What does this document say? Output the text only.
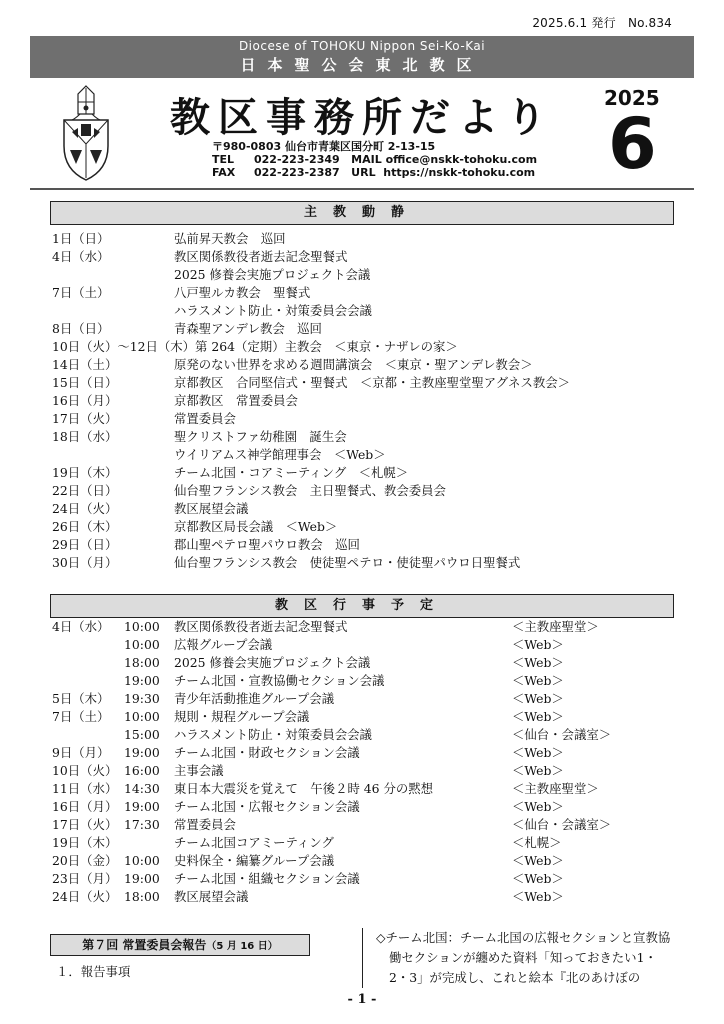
2025.6.1 発行　No.834
Diocese of TOHOKU Nippon Sei-Ko-Kai
日本聖公会東北教区
教区事務所だより
〒980-0803 仙台市青葉区国分町 2-13-15
TEL 022-223-2349 MAIL office@nskk-tohoku.com
FAX 022-223-2387 URL https://nskk-tohoku.com
2025
6
主教動静
1日（日）	弘前昇天教会　巡回
4日（水）	教区関係教役者逝去記念聖餐式
2025 修養会実施プロジェクト会議
7日（土）	八戸聖ルカ教会　聖餐式
ハラスメント防止・対策委員会会議
8日（日）	青森聖アンデレ教会　巡回
10日（火）～12日（木）第 264（定期）主教会　＜東京・ナザレの家＞
14日（土）	原発のない世界を求める週間講演会　＜東京・聖アンデレ教会＞
15日（日）	京都教区　合同堅信式・聖餐式　＜京都・主教座聖堂聖アグネス教会＞
16日（月）	京都教区　常置委員会
17日（火）	常置委員会
18日（水）	聖クリストファ幼稚園　誕生会
ウイリアムス神学館理事会　＜Web＞
19日（木）	チーム北国・コアミーティング　＜札幌＞
22日（日）	仙台聖フランシス教会　主日聖餐式、教会委員会
24日（火）	教区展望会議
26日（木）	京都教区局長会議　＜Web＞
29日（日）	郡山聖ペテロ聖パウロ教会　巡回
30日（月）	仙台聖フランシス教会　使徒聖ペテロ・使徒聖パウロ日聖餐式
教区行事予定
4日（水） 10:00 教区関係教役者逝去記念聖餐式	＜主教座聖堂＞
10:00 広報グループ会議	＜Web＞
18:00 2025 修養会実施プロジェクト会議	＜Web＞
19:00 チーム北国・宣教協働セクション会議	＜Web＞
5日（木） 19:30 青少年活動推進グループ会議	＜Web＞
7日（土） 10:00 規則・規程グループ会議	＜Web＞
15:00 ハラスメント防止・対策委員会会議	＜仙台・会議室＞
9日（月） 19:00 チーム北国・財政セクション会議	＜Web＞
10日（火） 16:00 主事会議	＜Web＞
11日（水） 14:30 東日本大震災を覚えて　午後２時 46 分の黙想	＜主教座聖堂＞
16日（月） 19:00 チーム北国・広報セクション会議	＜Web＞
17日（火） 17:30 常置委員会	＜仙台・会議室＞
19日（木）	チーム北国コアミーティング	＜札幌＞
20日（金） 10:00 史料保全・編纂グループ会議	＜Web＞
23日（月） 19:00 チーム北国・組織セクション会議	＜Web＞
24日（火） 18:00 教区展望会議	＜Web＞
第７回 常置委員会報告（5 月 16 日）
１．報告事項

◇チーム北国：チーム北国の広報セクションと宣教協働セクションが纏めた資料「知っておきたい1・2・3」が完成し、これと絵本『北のあけぼの

- 1 -
